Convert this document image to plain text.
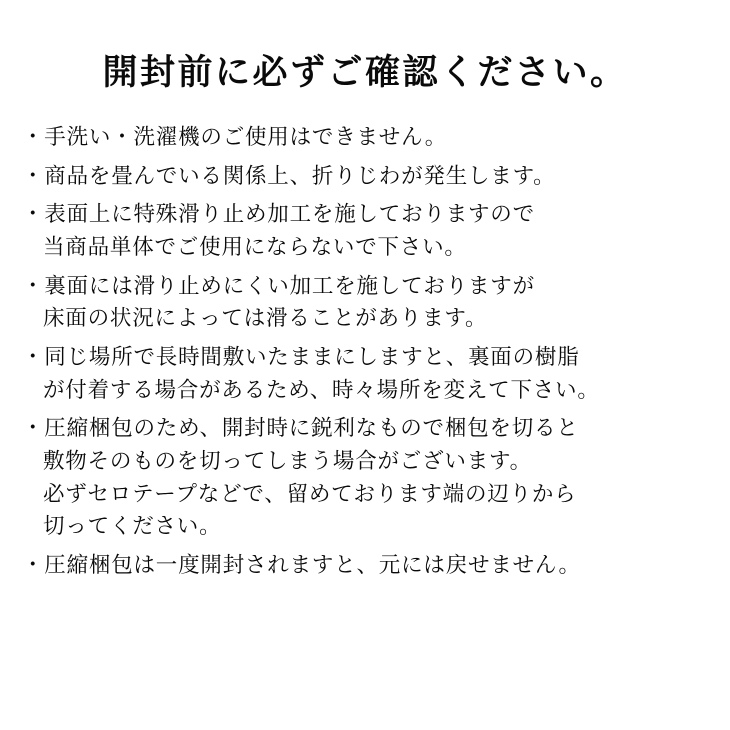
開封前に必ずご確認ください。
・手洗い・洗濯機のご使用はできません。
・商品を畳んでいる関係上、折りじわが発生します。
・表面上に特殊滑り止め加工を施しておりますので
当商品単体でご使用にならないで下さい。
・裏面には滑り止めにくい加工を施しておりますが
床面の状況によっては滑ることがあります。
・同じ場所で長時間敷いたままにしますと、裏面の樹脂
が付着する場合があるため、時々場所を変えて下さい。
・圧縮梱包のため、開封時に鋭利なもので梱包を切ると
敷物そのものを切ってしまう場合がございます。
必ずセロテープなどで、留めております端の辺りから
切ってください。
・圧縮梱包は一度開封されますと、元には戻せません。
